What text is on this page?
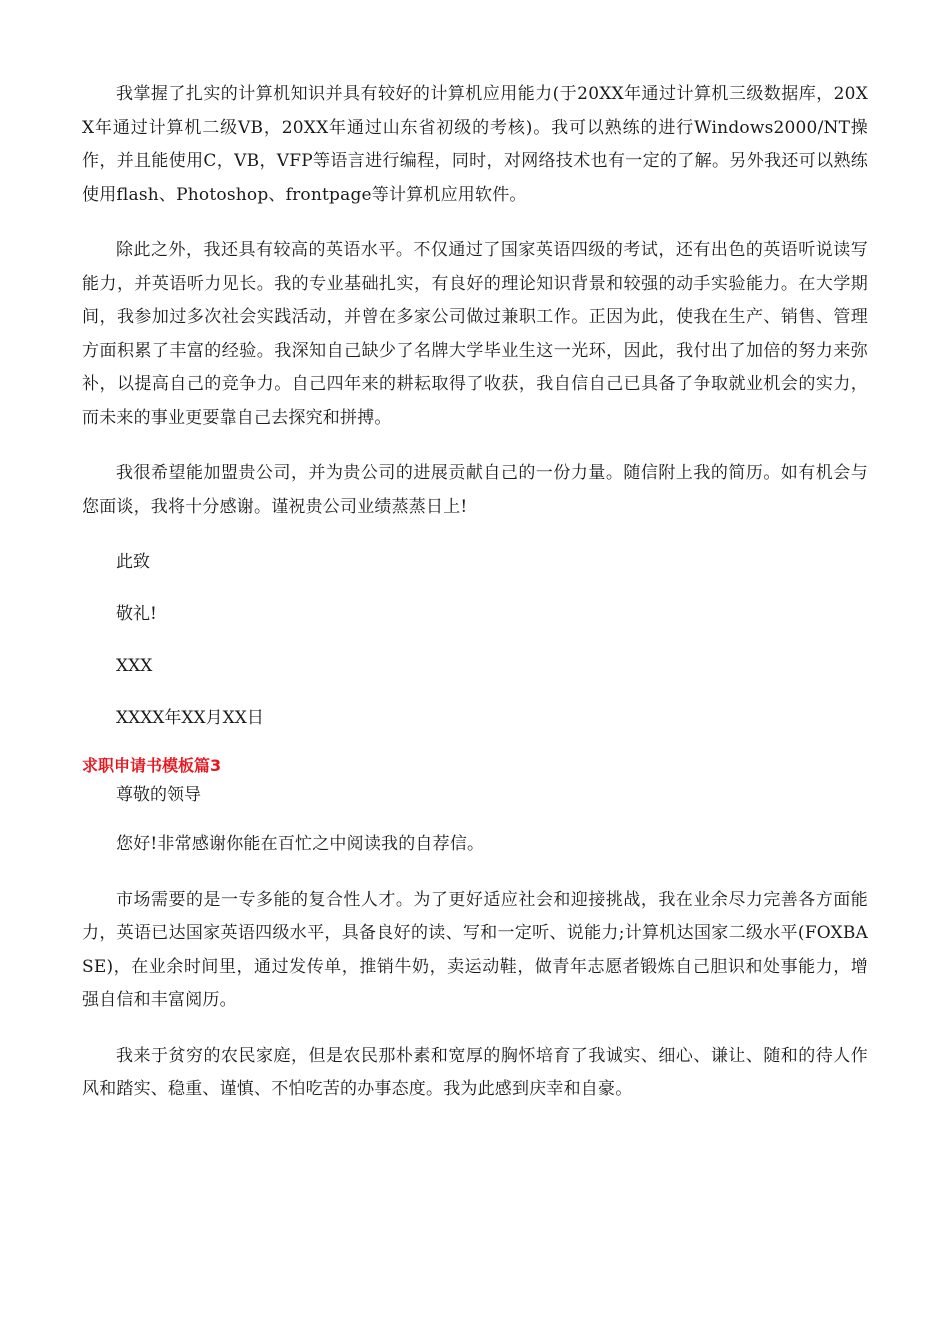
我掌握了扎实的计算机知识并具有较好的计算机应用能力(于20XX年通过计算机三级数据库，20XX年通过计算机二级VB，20XX年通过山东省初级的考核)。我可以熟练的进行Windows2000/NT操作，并且能使用C，VB，VFP等语言进行编程，同时，对网络技术也有一定的了解。另外我还可以熟练使用flash、Photoshop、frontpage等计算机应用软件。

除此之外，我还具有较高的英语水平。不仅通过了国家英语四级的考试，还有出色的英语听说读写能力，并英语听力见长。我的专业基础扎实，有良好的理论知识背景和较强的动手实验能力。在大学期间，我参加过多次社会实践活动，并曾在多家公司做过兼职工作。正因为此，使我在生产、销售、管理方面积累了丰富的经验。我深知自己缺少了名牌大学毕业生这一光环，因此，我付出了加倍的努力来弥补，以提高自己的竞争力。自己四年来的耕耘取得了收获，我自信自己已具备了争取就业机会的实力，而未来的事业更要靠自己去探究和拼搏。

我很希望能加盟贵公司，并为贵公司的进展贡献自己的一份力量。随信附上我的简历。如有机会与您面谈，我将十分感谢。谨祝贵公司业绩蒸蒸日上!

此致

敬礼!

XXX

XXXX年XX月XX日

求职申请书模板篇3

尊敬的领导

您好!非常感谢你能在百忙之中阅读我的自荐信。

市场需要的是一专多能的复合性人才。为了更好适应社会和迎接挑战，我在业余尽力完善各方面能力，英语已达国家英语四级水平，具备良好的读、写和一定听、说能力;计算机达国家二级水平(FOXBASE)，在业余时间里，通过发传单，推销牛奶，卖运动鞋，做青年志愿者锻炼自己胆识和处事能力，增强自信和丰富阅历。

我来于贫穷的农民家庭，但是农民那朴素和宽厚的胸怀培育了我诚实、细心、谦让、随和的待人作风和踏实、稳重、谨慎、不怕吃苦的办事态度。我为此感到庆幸和自豪。
